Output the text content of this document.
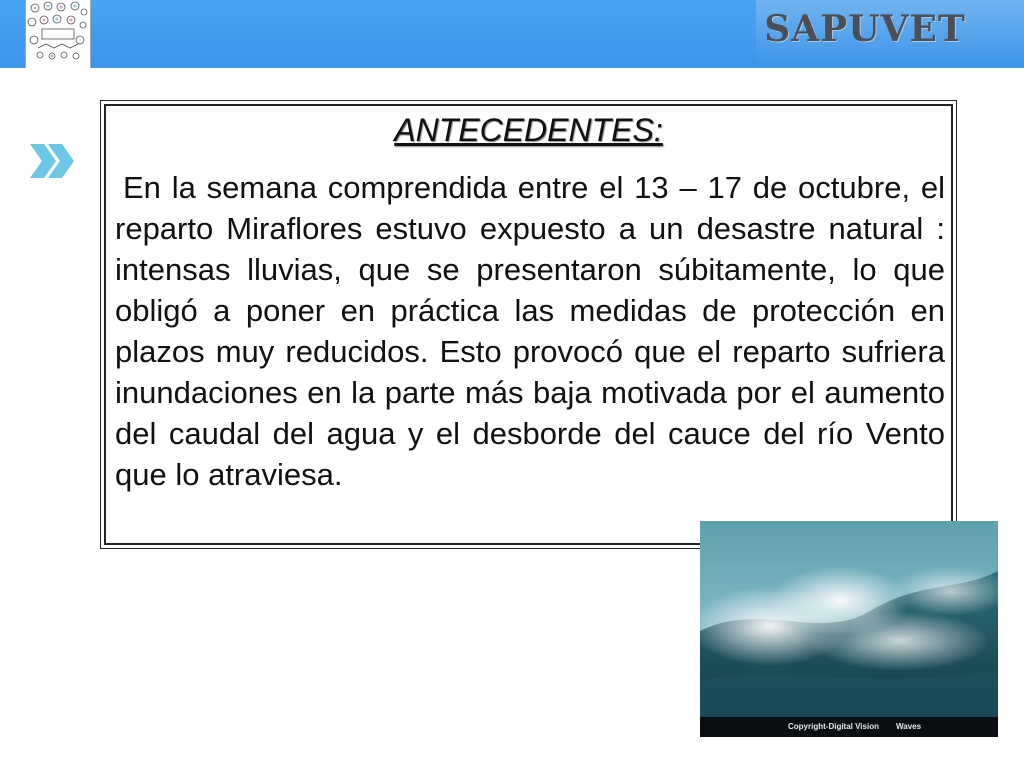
SAPUVET
ANTECEDENTES:

En la semana comprendida entre el 13 – 17 de octubre, el reparto Miraflores estuvo expuesto a un desastre natural : intensas lluvias, que se presentaron súbitamente, lo que obligó a poner en práctica las medidas de protección en plazos muy reducidos. Esto provocó que el reparto sufriera inundaciones en la parte más baja motivada por el aumento del caudal del agua y el desborde del cauce del río Vento que lo atraviesa.

Copyright-Digital Vision Waves
